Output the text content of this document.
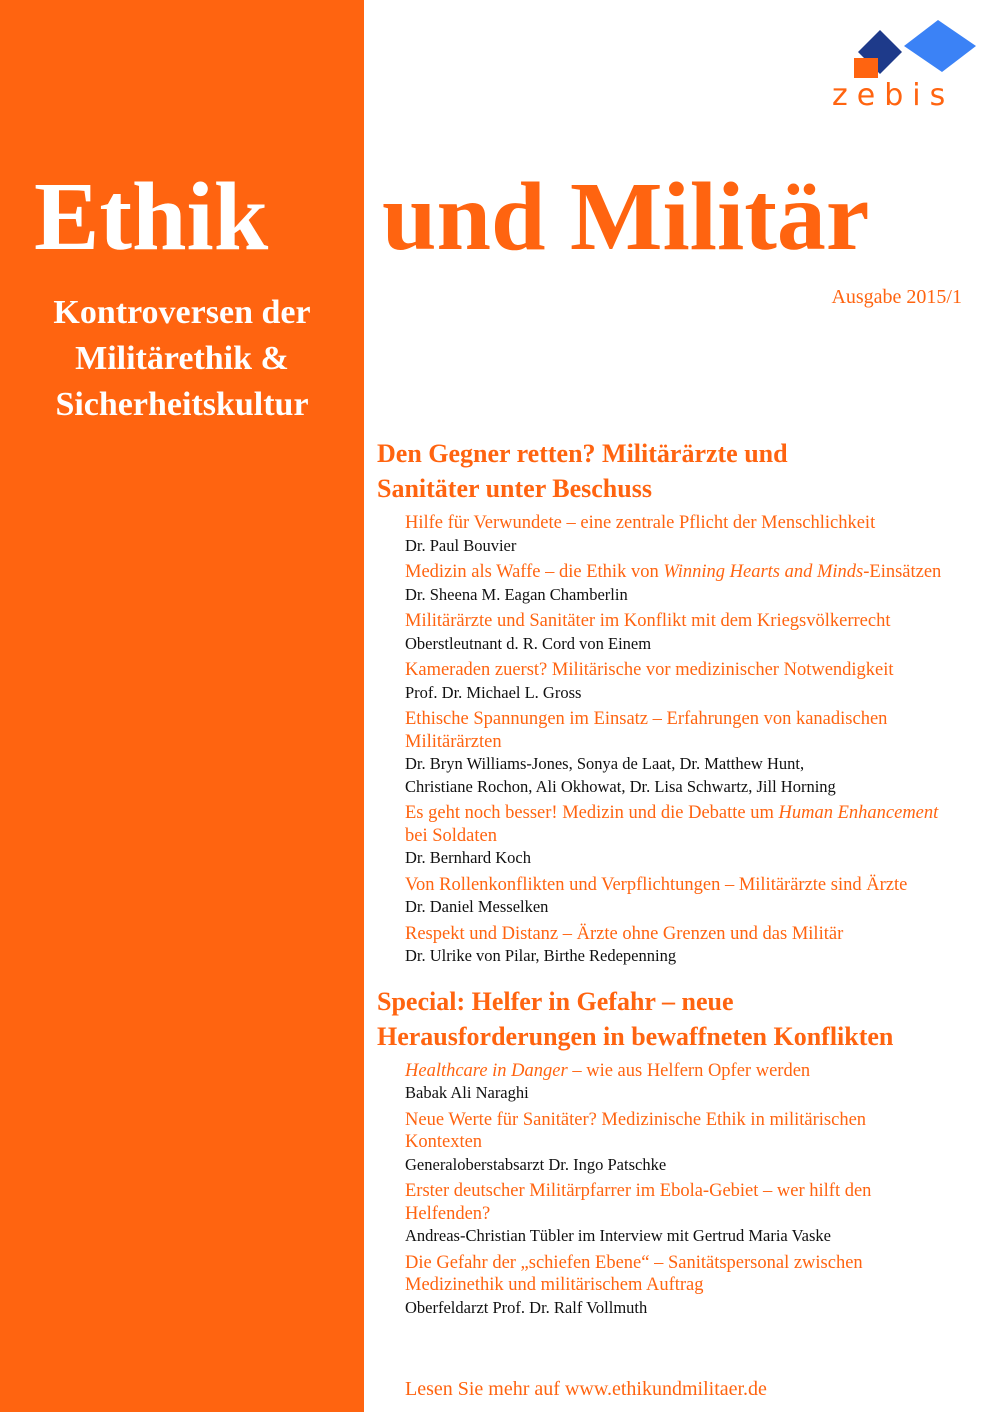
zebis
Ethik und Militär
Kontroversen der
Militärethik &
Sicherheitskultur
Ausgabe 2015/1
Den Gegner retten? Militärärzte und
Sanitäter unter Beschuss
Hilfe für Verwundete – eine zentrale Pflicht der Menschlichkeit
Dr. Paul Bouvier
Medizin als Waffe – die Ethik von Winning Hearts and Minds-Einsätzen
Dr. Sheena M. Eagan Chamberlin
Militärärzte und Sanitäter im Konflikt mit dem Kriegsvölkerrecht
Oberstleutnant d. R. Cord von Einem
Kameraden zuerst? Militärische vor medizinischer Notwendigkeit
Prof. Dr. Michael L. Gross
Ethische Spannungen im Einsatz – Erfahrungen von kanadischen
Militärärzten
Dr. Bryn Williams-Jones, Sonya de Laat, Dr. Matthew Hunt,
Christiane Rochon, Ali Okhowat, Dr. Lisa Schwartz, Jill Horning
Es geht noch besser! Medizin und die Debatte um Human Enhancement
bei Soldaten
Dr. Bernhard Koch
Von Rollenkonflikten und Verpflichtungen – Militärärzte sind Ärzte
Dr. Daniel Messelken
Respekt und Distanz – Ärzte ohne Grenzen und das Militär
Dr. Ulrike von Pilar, Birthe Redepenning
Special: Helfer in Gefahr – neue
Herausforderungen in bewaffneten Konflikten
Healthcare in Danger – wie aus Helfern Opfer werden
Babak Ali Naraghi
Neue Werte für Sanitäter? Medizinische Ethik in militärischen
Kontexten
Generaloberstabsarzt Dr. Ingo Patschke
Erster deutscher Militärpfarrer im Ebola-Gebiet – wer hilft den
Helfenden?
Andreas-Christian Tübler im Interview mit Gertrud Maria Vaske
Die Gefahr der „schiefen Ebene“ – Sanitätspersonal zwischen
Medizinethik und militärischem Auftrag
Oberfeldarzt Prof. Dr. Ralf Vollmuth
Lesen Sie mehr auf www.ethikundmilitaer.de
